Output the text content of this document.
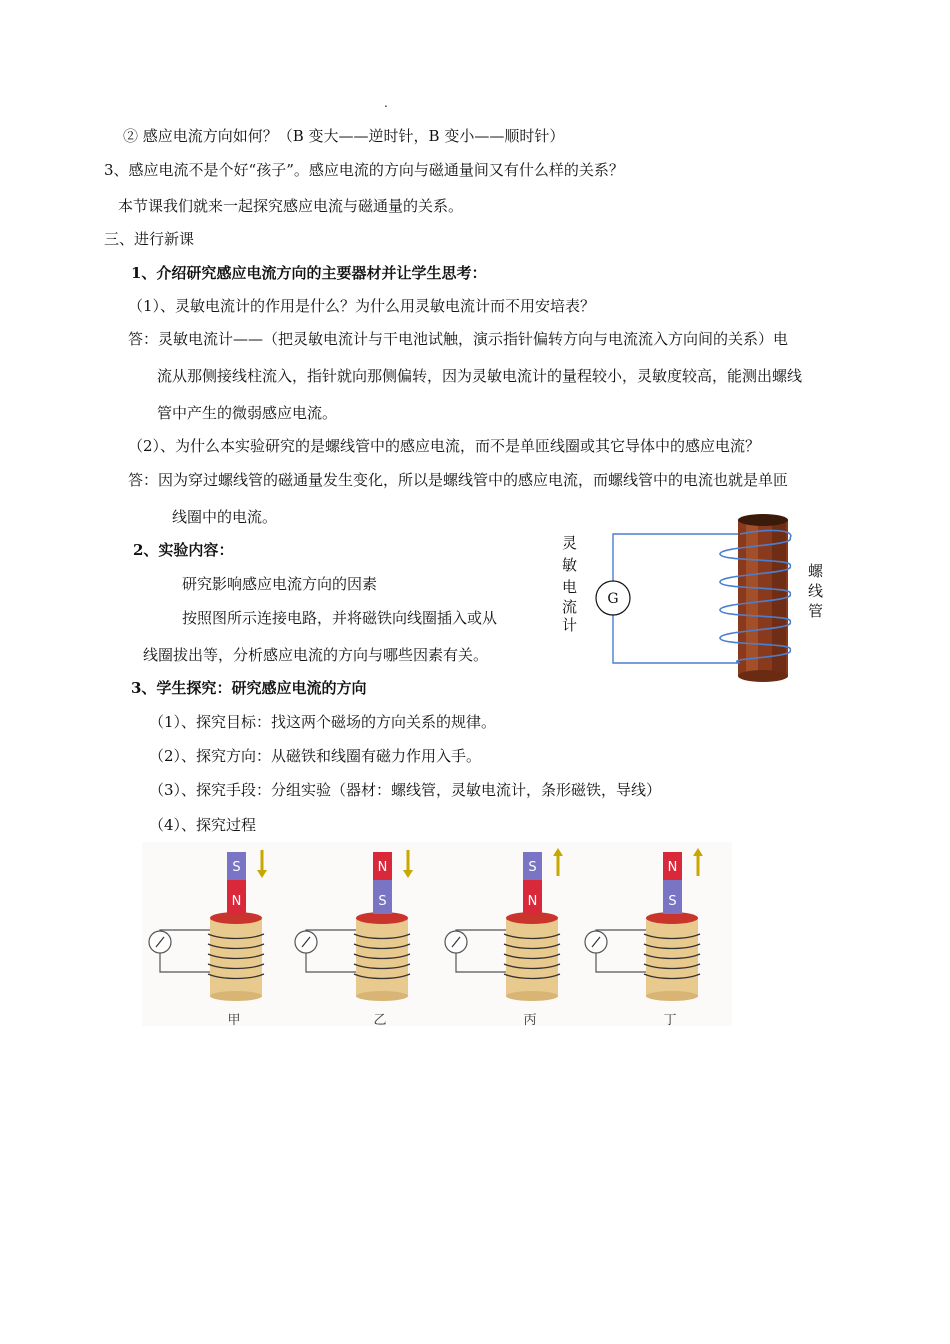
.
② 感应电流方向如何？（B 变大——逆时针，B 变小——顺时针）
3、感应电流不是个好“孩子”。感应电流的方向与磁通量间又有什么样的关系？
本节课我们就来一起探究感应电流与磁通量的关系。
三、进行新课
1、介绍研究感应电流方向的主要器材并让学生思考：
（1）、灵敏电流计的作用是什么？为什么用灵敏电流计而不用安培表？
答：灵敏电流计——（把灵敏电流计与干电池试触，演示指针偏转方向与电流流入方向间的关系）电
流从那侧接线柱流入，指针就向那侧偏转，因为灵敏电流计的量程较小，灵敏度较高，能测出螺线
管中产生的微弱感应电流。
（2）、为什么本实验研究的是螺线管中的感应电流，而不是单匝线圈或其它导体中的感应电流？
答：因为穿过螺线管的磁通量发生变化，所以是螺线管中的感应电流，而螺线管中的电流也就是单匝
线圈中的电流。
2、实验内容：
研究影响感应电流方向的因素
按照图所示连接电路，并将磁铁向线圈插入或从
线圈拔出等，分析感应电流的方向与哪些因素有关。
3、学生探究：研究感应电流的方向
（1）、探究目标：找这两个磁场的方向关系的规律。
（2）、探究方向：从磁铁和线圈有磁力作用入手。
（3）、探究手段：分组实验（器材：螺线管，灵敏电流计，条形磁铁，导线）
（4）、探究过程
灵
敏
电
流
计
G
螺
线
管
S
N
甲
N
S
乙
S
N
丙
N
S
丁
